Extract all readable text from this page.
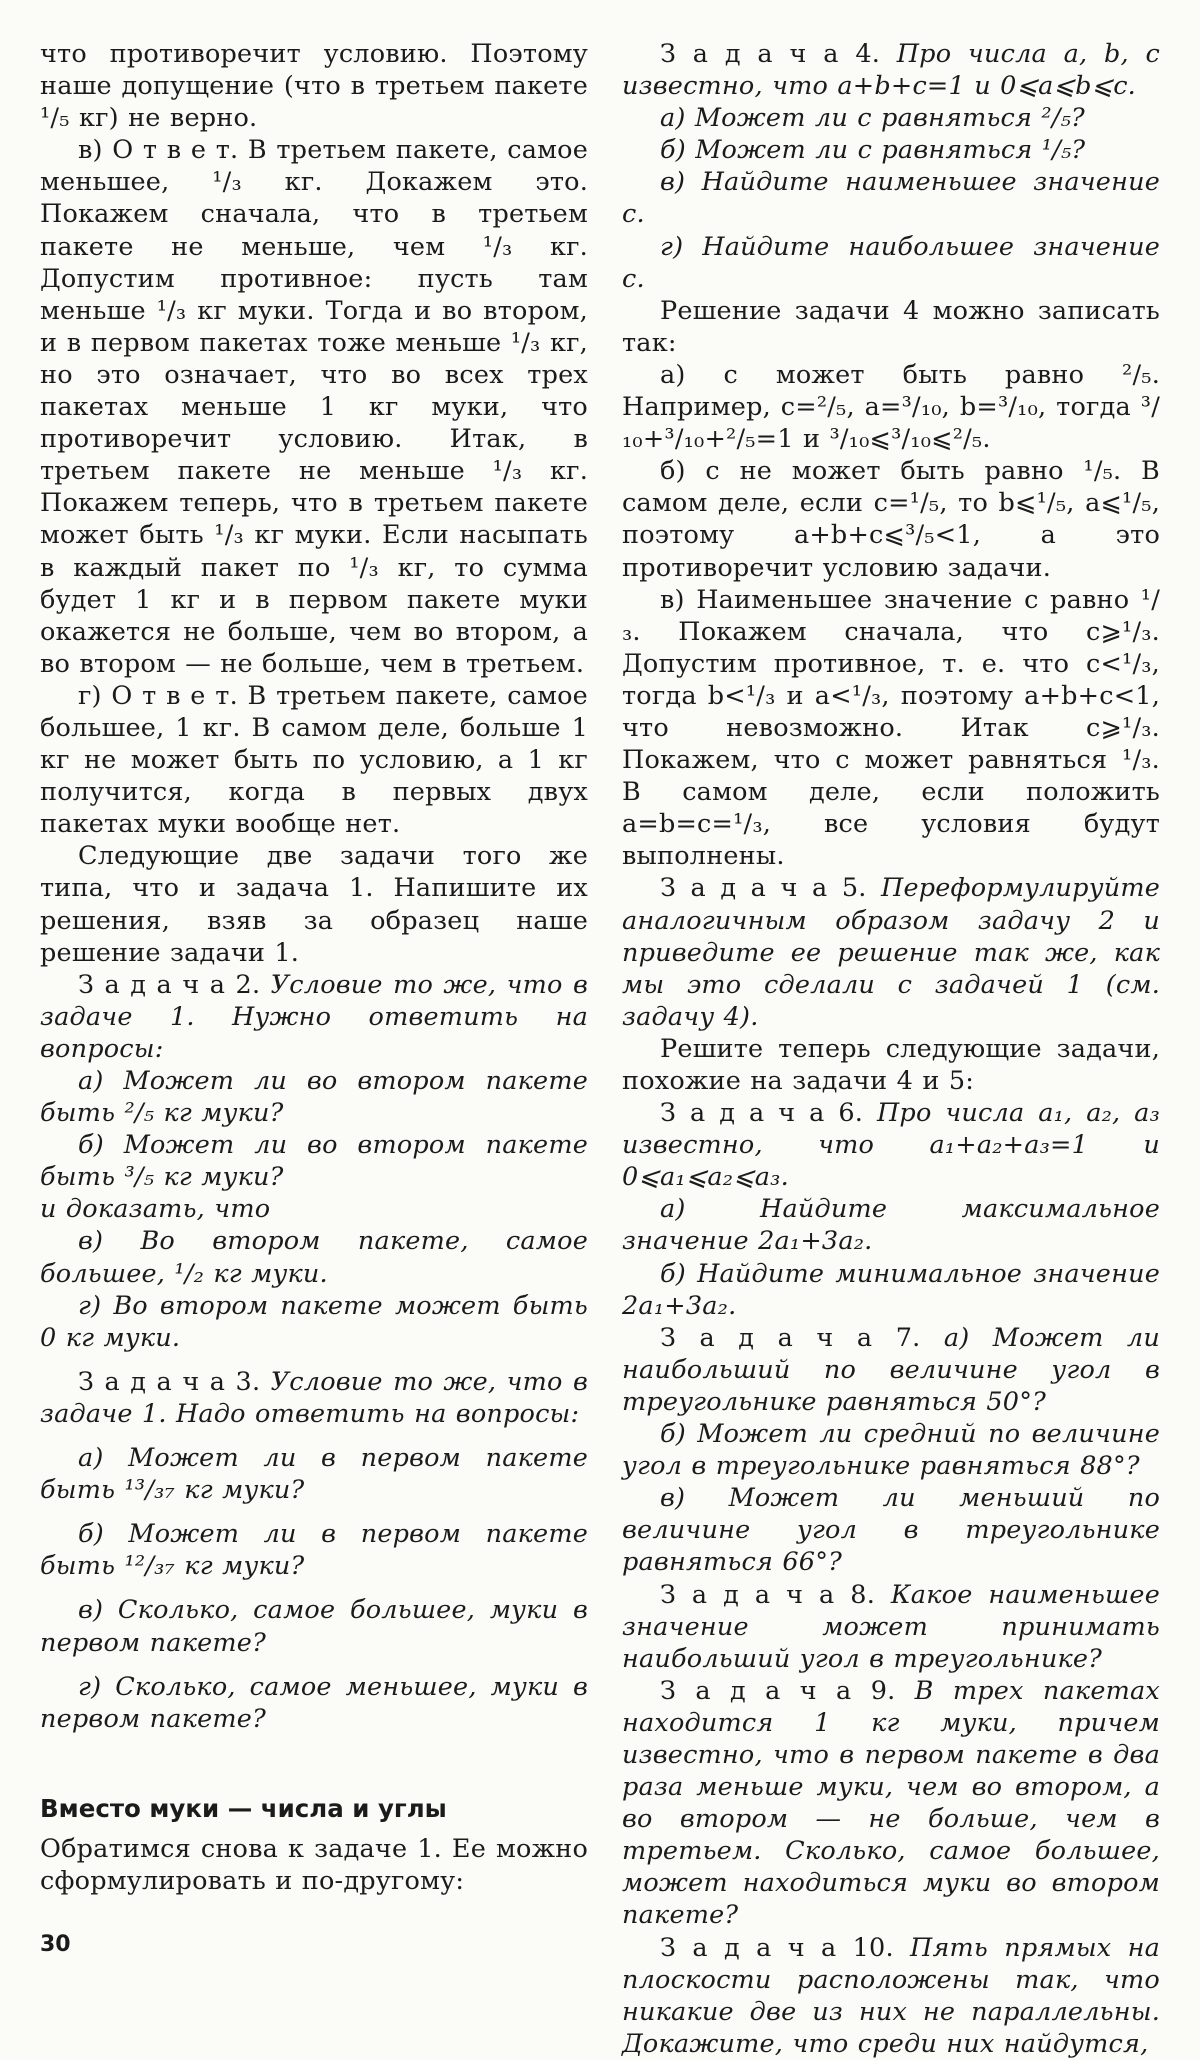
что противоречит условию. Поэтому наше допущение (что в третьем пакете ¹/₅ кг) не верно.

в) О т в е т. В третьем пакете, самое меньшее, ¹/₃ кг. Докажем это. Покажем сначала, что в третьем пакете не меньше, чем ¹/₃ кг. Допустим противное: пусть там меньше ¹/₃ кг муки. Тогда и во втором, и в первом пакетах тоже меньше ¹/₃ кг, но это означает, что во всех трех пакетах меньше 1 кг муки, что противоречит условию. Итак, в третьем пакете не меньше ¹/₃ кг. Покажем теперь, что в третьем пакете может быть ¹/₃ кг муки. Если насыпать в каждый пакет по ¹/₃ кг, то сумма будет 1 кг и в первом пакете муки окажется не больше, чем во втором, а во втором — не больше, чем в третьем.

г) О т в е т. В третьем пакете, самое большее, 1 кг. В самом деле, больше 1 кг не может быть по условию, а 1 кг получится, когда в первых двух пакетах муки вообще нет.

Следующие две задачи того же типа, что и задача 1. Напишите их решения, взяв за образец наше решение задачи 1.

З а д а ч а 2. Условие то же, что в задаче 1. Нужно ответить на вопросы:

а) Может ли во втором пакете быть ²/₅ кг муки?

б) Может ли во втором пакете быть ³/₅ кг муки?

и доказать, что

в) Во втором пакете, самое большее, ¹/₂ кг муки.

г) Во втором пакете может быть 0 кг муки.

З а д а ч а 3. Условие то же, что в задаче 1. Надо ответить на вопросы:

а) Может ли в первом пакете быть ¹³/₃₇ кг муки?

б) Может ли в первом пакете быть ¹²/₃₇ кг муки?

в) Сколько, самое большее, муки в первом пакете?

г) Сколько, самое меньшее, муки в первом пакете?

Вместо муки — числа и углы

Обратимся снова к задаче 1. Ее можно сформулировать и по-другому:

З а д а ч а 4. Про числа a, b, c известно, что a+b+c=1 и 0⩽a⩽b⩽c.

а) Может ли c равняться ²/₅?

б) Может ли c равняться ¹/₅?

в) Найдите наименьшее значение c.

г) Найдите наибольшее значение c.

Решение задачи 4 можно записать так:

а) c может быть равно ²/₅. Например, c=²/₅, a=³/₁₀, b=³/₁₀, тогда ³/₁₀+³/₁₀+²/₅=1 и ³/₁₀⩽³/₁₀⩽²/₅.

б) c не может быть равно ¹/₅. В самом деле, если c=¹/₅, то b⩽¹/₅, a⩽¹/₅, поэтому a+b+c⩽³/₅<1, а это противоречит условию задачи.

в) Наименьшее значение c равно ¹/₃. Покажем сначала, что c⩾¹/₃. Допустим противное, т. е. что c<¹/₃, тогда b<¹/₃ и a<¹/₃, поэтому a+b+c<1, что невозможно. Итак c⩾¹/₃. Покажем, что c может равняться ¹/₃. В самом деле, если положить a=b=c=¹/₃, все условия будут выполнены.

З а д а ч а 5. Переформулируйте аналогичным образом задачу 2 и приведите ее решение так же, как мы это сделали с задачей 1 (см. задачу 4).

Решите теперь следующие задачи, похожие на задачи 4 и 5:

З а д а ч а 6. Про числа a₁, a₂, a₃ известно, что a₁+a₂+a₃=1 и 0⩽a₁⩽a₂⩽a₃.

а) Найдите максимальное значение 2a₁+3a₂.

б) Найдите минимальное значение 2a₁+3a₂.

З а д а ч а 7. а) Может ли наибольший по величине угол в треугольнике равняться 50°?

б) Может ли средний по величине угол в треугольнике равняться 88°?

в) Может ли меньший по величине угол в треугольнике равняться 66°?

З а д а ч а 8. Какое наименьшее значение может принимать наибольший угол в треугольнике?

З а д а ч а 9. В трех пакетах находится 1 кг муки, причем известно, что в первом пакете в два раза меньше муки, чем во втором, а во втором — не больше, чем в третьем. Сколько, самое большее, может находиться муки во втором пакете?

З а д а ч а 10. Пять прямых на плоскости расположены так, что никакие две из них не параллельны. Докажите, что среди них найдутся,

30
